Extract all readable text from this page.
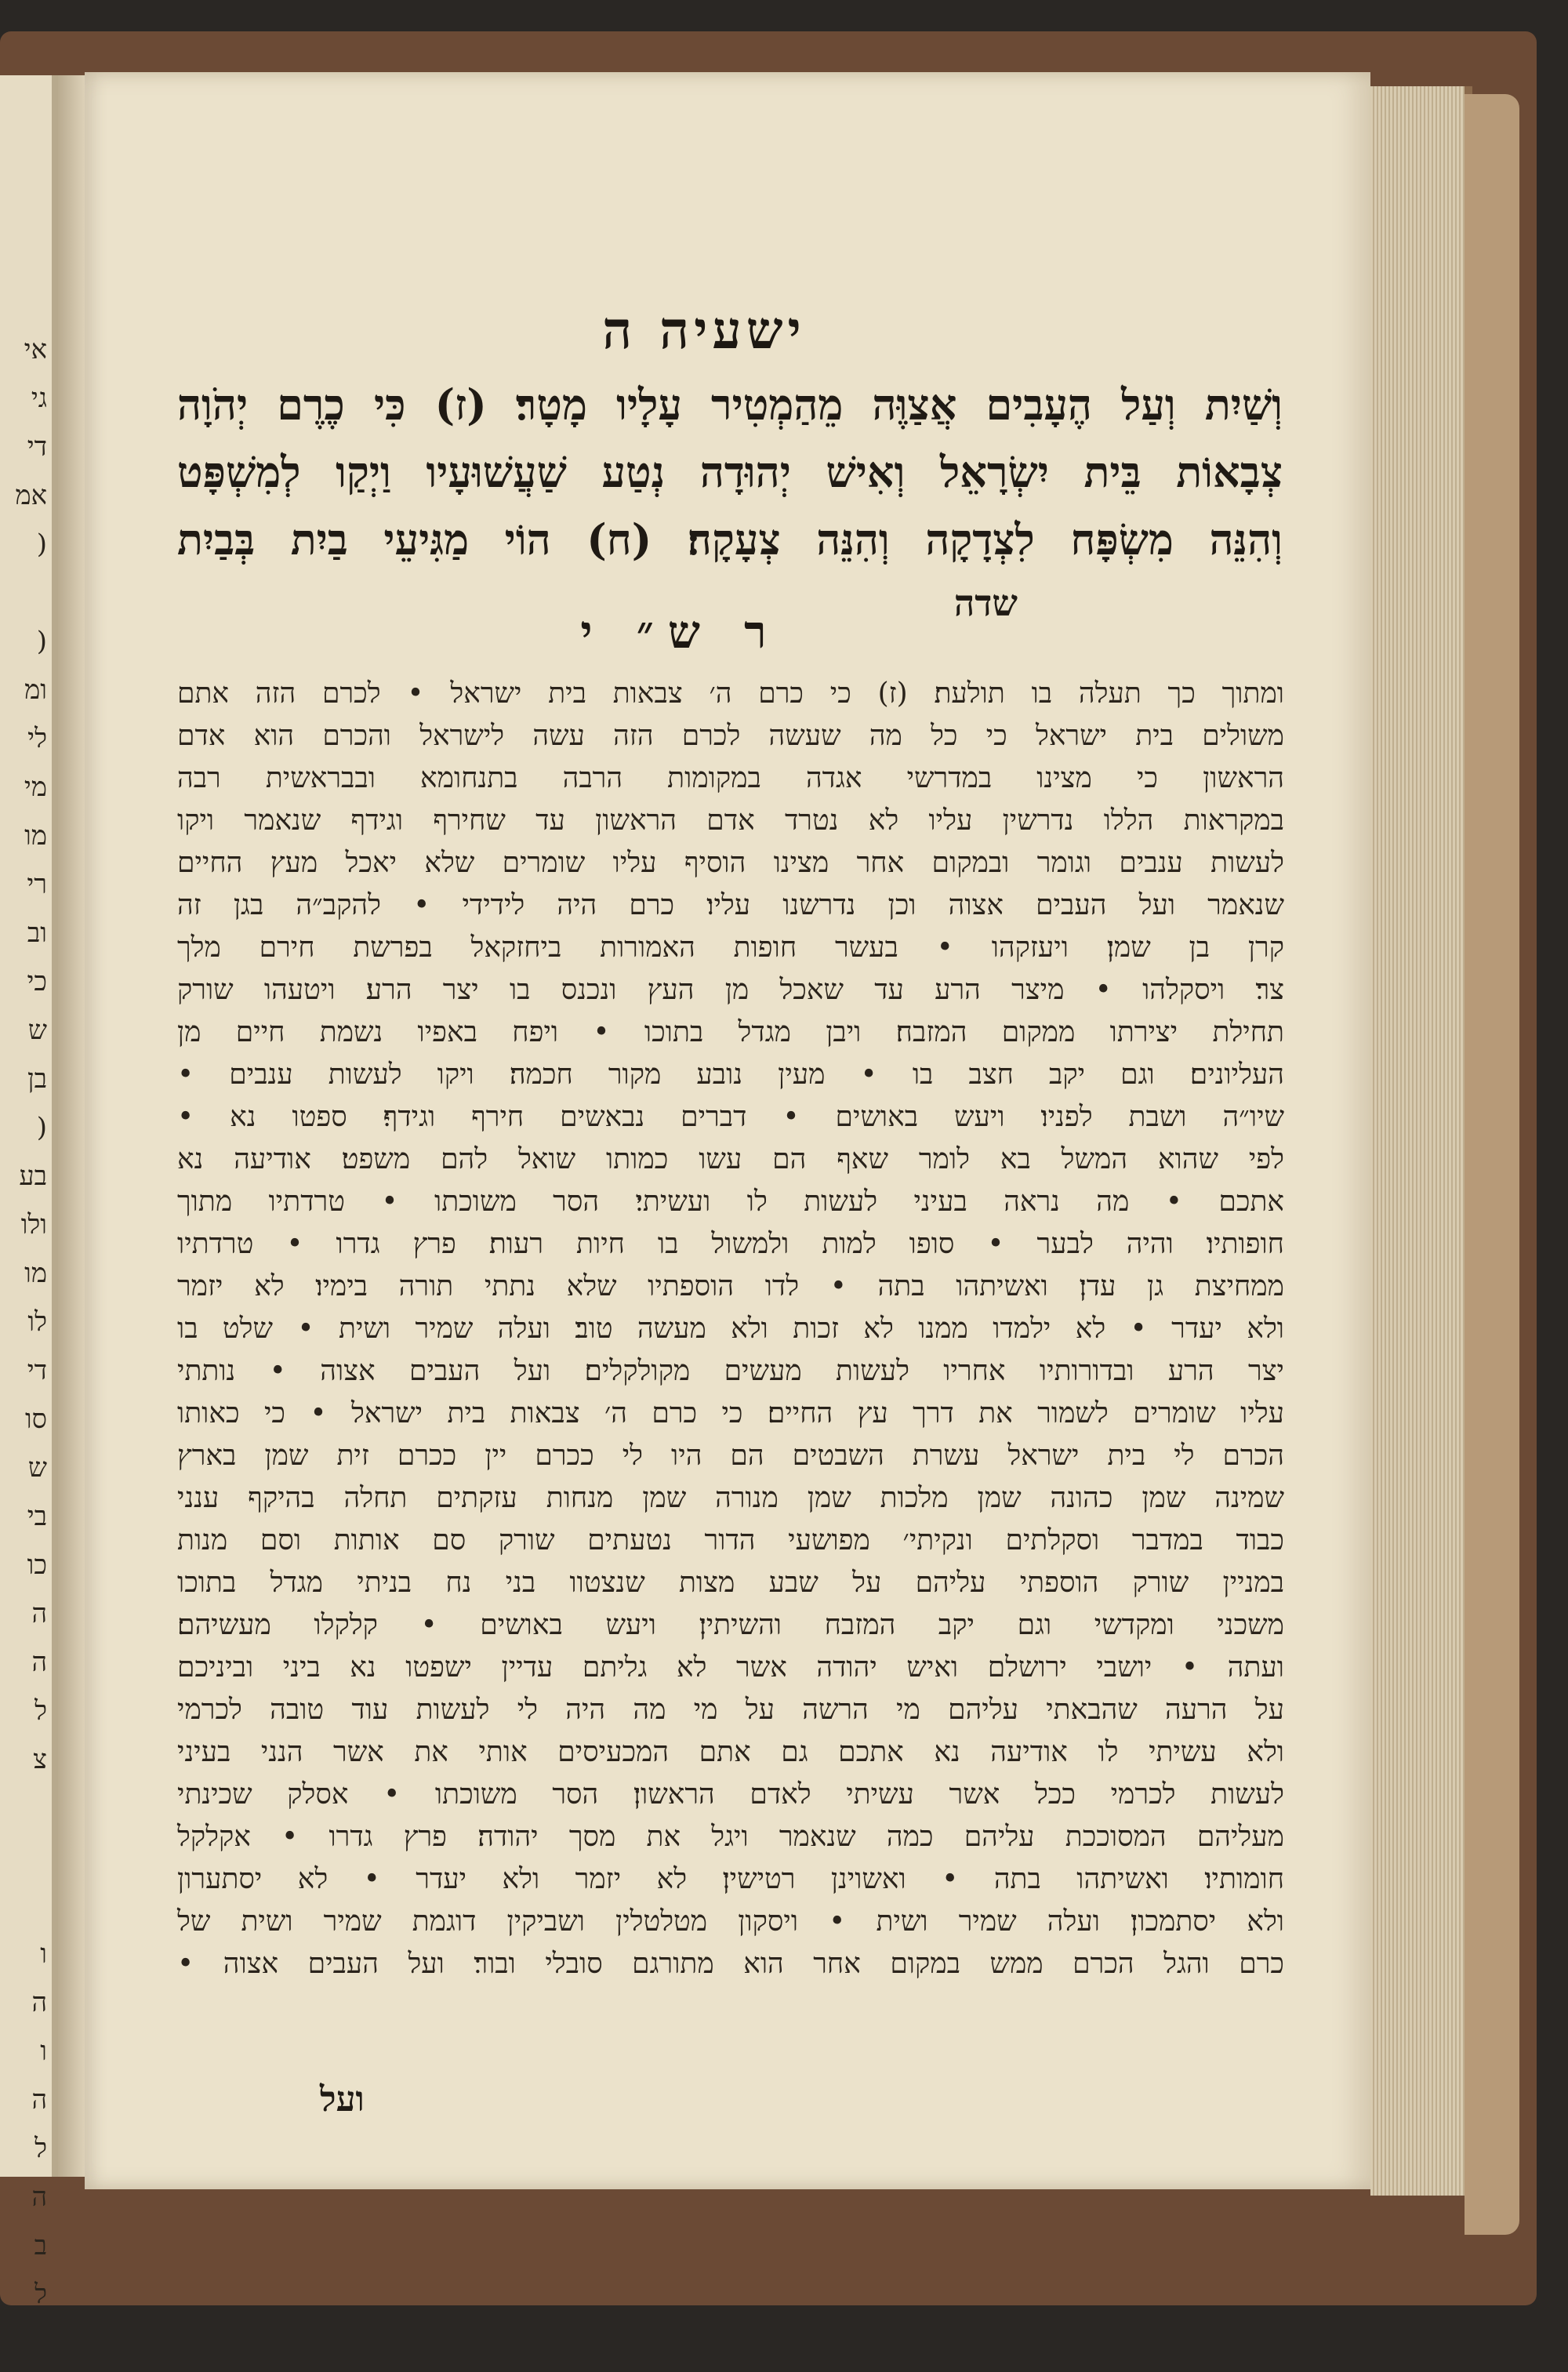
אי
גי
די
אמ
(
(
ומ
לי
מי
מו
רי
וב
כי
ש
בן
(
בע
ולו
מו
לו
די
סו
ש
בי
כו
ה
ה
ל
צ
ו
ה
ו
ה
ל
ה
ב
ל
ישעיה ה
וְשַׁיִת וְעַל הֶעָבִים אֲצַוֶּה מֵהַמְטִיר עָלָיו מָטָר׃ (ז) כִּי כֶרֶם יְהֹוָה
צְבָאוֹת בֵּית יִשְׂרָאֵל וְאִישׁ יְהוּדָה נְטַע שַׁעֲשׁוּעָיו וַיְקַו לְמִשְׁפָּט
וְהִנֵּה מִשְׂפָּח לִצְדָקָה וְהִנֵּה צְעָקָה׃ (ח) הוֹי מַגִּיעֵי בַיִת בְּבַיִת
שדה
ר ש״ י
ומתוך כך תעלה בו תולעת׃ (ז) כי כרם ה׳ צבאות בית ישראל • לכרם הזה אתם
משולים בית ישראל כי כל מה שעשה לכרם הזה עשה לישראל והכרם הוא אדם
הראשון כי מצינו במדרשי אגדה במקומות הרבה בתנחומא ובבראשית רבה
במקראות הללו נדרשין עליו לא נטרד אדם הראשון עד שחירף וגידף שנאמר ויקו
לעשות ענבים וגומר ובמקום אחר מצינו הוסיף עליו שומרים שלא יאכל מעץ החיים
שנאמר ועל העבים אצוה וכן נדרשנו עליו׃ כרם היה לידידי • להקב״ה בגן זה
קרן בן שמן׃ ויעזקהו • בעשר חופות האמורות ביחזקאל בפרשת חירם מלך
צר׃ ויסקלהו • מיצר הרע עד שאכל מן העץ ונכנס בו יצר הרע׃ ויטעהו שורק
תחילת יצירתו ממקום המזבח׃ ויבן מגדל בתוכו • ויפח באפיו נשמת חיים מן
העליונים׃ וגם יקב חצב בו • מעין נובע מקור חכמה׃ ויקו לעשות ענבים •
שיו״ה ושבת לפניו׃ ויעש באושים • דברים נבאשים חירף וגידף׃ ספטו נא •
לפי שהוא המשל בא לומר שאף הם עשו כמותו שואל להם משפט׃ אודיעה נא
אתכם • מה נראה בעיני לעשות לו ועשיתי׃ הסר משוכתו • טרדתיו מתוך
חופותיו׃ והיה לבער • סופו למות ולמשול בו חיות רעות׃ פרץ גדרו • טרדתיו
ממחיצת גן עדן׃ ואשיתהו בתה • לדו הוספתיו שלא נתתי תורה בימיו׃ לא יזמר
ולא יעדר • לא ילמדו ממנו לא זכות ולא מעשה טוב׃ ועלה שמיר ושית • שלט בו
יצר הרע ובדורותיו אחריו לעשות מעשים מקולקלים׃ ועל העבים אצוה • נותתי
עליו שומרים לשמור את דרך עץ החיים׃ כי כרם ה׳ צבאות בית ישראל • כי כאותו
הכרם לי בית ישראל עשרת השבטים הם היו לי ככרם יין ככרם זית שמן בארץ
שמינה שמן כהונה שמן מלכות שמן מנורה שמן מנחות עזקתים תחלה בהיקף ענני
כבוד במדבר וסקלתים ונקיתי׳ מפושעי הדור נטעתים שורק סם אותות וסם מנות
במניין שורק הוספתי עליהם על שבע מצות שנצטוו בני נח בניתי מגדל בתוכו
משכני ומקדשי וגם יקב המזבח והשיתין׃ ויעש באושים • קלקלו מעשיהם׃
ועתה • יושבי ירושלם ואיש יהודה אשר לא גליתם עדיין ישפטו נא ביני וביניכם
על הרעה שהבאתי עליהם מי הרשה על מי מה היה לי לעשות עוד טובה לכרמי
ולא עשיתי לו אודיעה נא אתכם גם אתם המכעיסים אותי את אשר הנני בעיני
לעשות לכרמי ככל אשר עשיתי לאדם הראשון׃ הסר משוכתו • אסלק שכינתי
מעליהם המסוככת עליהם כמה שנאמר ויגל את מסך יהודה׃ פרץ גדרו • אקלקל
חומותיו׃ ואשיתהו בתה • ואשוינן רטישין׃ לא יזמר ולא יעדר • לא יסתערון
ולא יסתמכון׃ ועלה שמיר ושית • ויסקון מטלטלין ושביקין דוגמת שמיר ושית של
כרם והגל הכרם ממש במקום אחר הוא מתורגם סובלי ובור׃ ועל העבים אצוה •
ועל
